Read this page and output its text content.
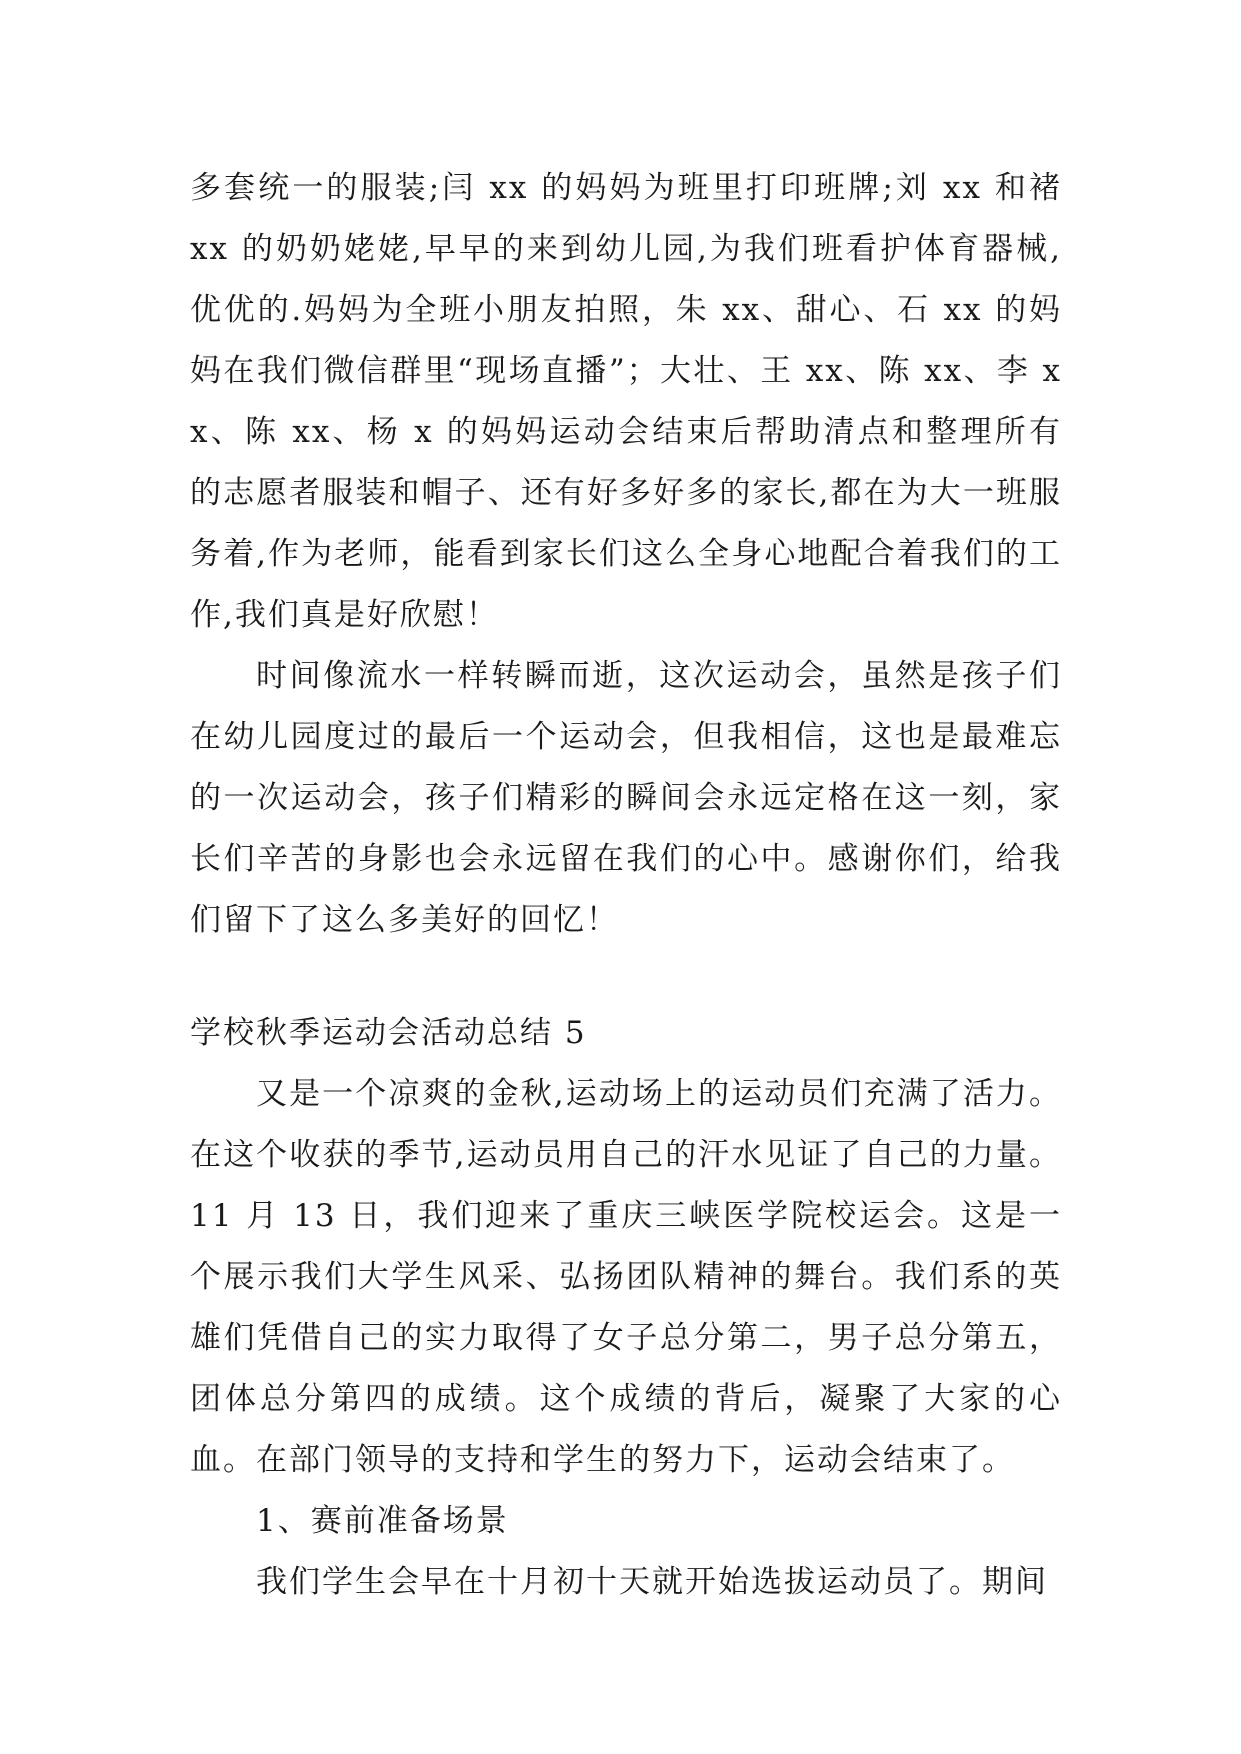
多套统一的服装;闫 xx 的妈妈为班里打印班牌;刘 xx 和褚 xx 的奶奶姥姥,早早的来到幼儿园,为我们班看护体育器械,优优的.妈妈为全班小朋友拍照，朱 xx、甜心、石 xx 的妈妈在我们微信群里“现场直播”；大壮、王 xx、陈 xx、李 xx、陈 xx、杨 x 的妈妈运动会结束后帮助清点和整理所有的志愿者服装和帽子、还有好多好多的家长,都在为大一班服务着,作为老师，能看到家长们这么全身心地配合着我们的工作,我们真是好欣慰！

时间像流水一样转瞬而逝，这次运动会，虽然是孩子们在幼儿园度过的最后一个运动会，但我相信，这也是最难忘的一次运动会，孩子们精彩的瞬间会永远定格在这一刻，家长们辛苦的身影也会永远留在我们的心中。感谢你们，给我们留下了这么多美好的回忆！

学校秋季运动会活动总结 5

又是一个凉爽的金秋,运动场上的运动员们充满了活力。在这个收获的季节,运动员用自己的汗水见证了自己的力量。11 月 13 日，我们迎来了重庆三峡医学院校运会。这是一个展示我们大学生风采、弘扬团队精神的舞台。我们系的英雄们凭借自己的实力取得了女子总分第二，男子总分第五，团体总分第四的成绩。这个成绩的背后，凝聚了大家的心血。在部门领导的支持和学生的努力下，运动会结束了。

1、赛前准备场景

我们学生会早在十月初十天就开始选拔运动员了。期间
